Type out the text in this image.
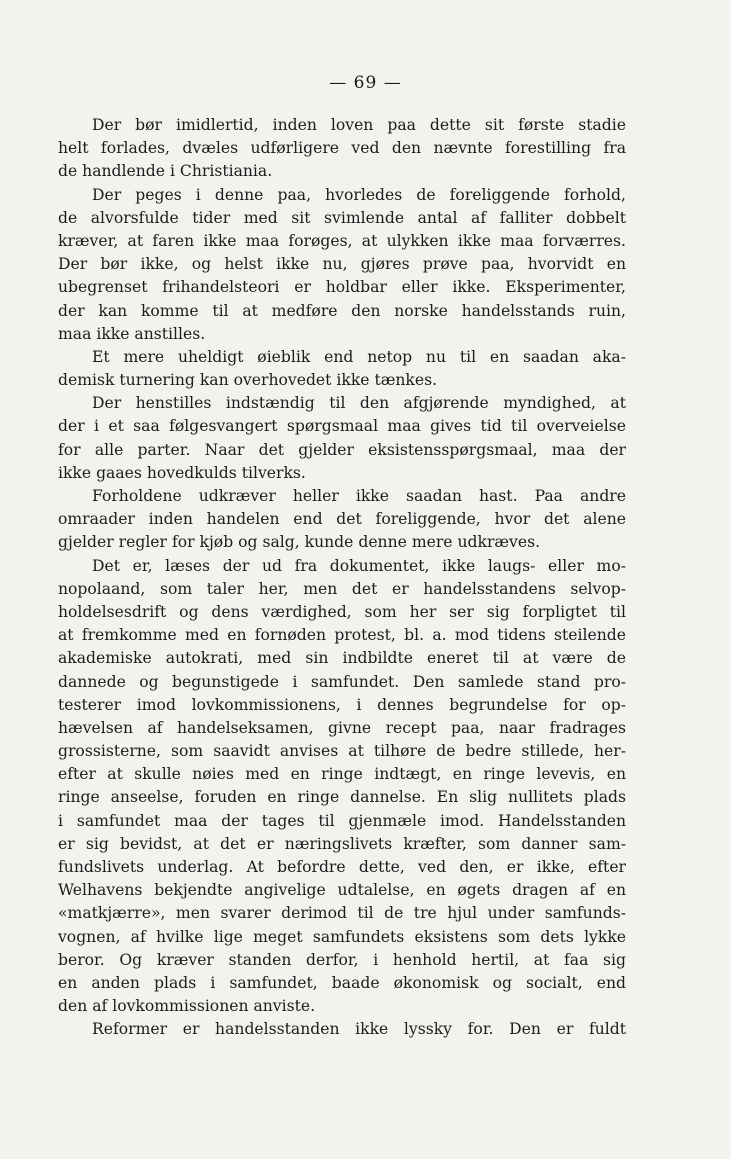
— 69 —
Der bør imidlertid, inden loven paa dette sit første stadie
helt forlades, dvæles udførligere ved den nævnte forestilling fra
de handlende i Christiania.
Der peges i denne paa, hvorledes de foreliggende forhold,
de alvorsfulde tider med sit svimlende antal af falliter dobbelt
kræver, at faren ikke maa forøges, at ulykken ikke maa forværres.
Der bør ikke, og helst ikke nu, gjøres prøve paa, hvorvidt en
ubegrenset frihandelsteori er holdbar eller ikke. Eksperimenter,
der kan komme til at medføre den norske handelsstands ruin,
maa ikke anstilles.
Et mere uheldigt øieblik end netop nu til en saadan aka-
demisk turnering kan overhovedet ikke tænkes.
Der henstilles indstændig til den afgjørende myndighed, at
der i et saa følgesvangert spørgsmaal maa gives tid til overveielse
for alle parter. Naar det gjelder eksistensspørgsmaal, maa der
ikke gaaes hovedkulds tilverks.
Forholdene udkræver heller ikke saadan hast. Paa andre
omraader inden handelen end det foreliggende, hvor det alene
gjelder regler for kjøb og salg, kunde denne mere udkræves.
Det er, læses der ud fra dokumentet, ikke laugs- eller mo-
nopolaand, som taler her, men det er handelsstandens selvop-
holdelsesdrift og dens værdighed, som her ser sig forpligtet til
at fremkomme med en fornøden protest, bl. a. mod tidens steilende
akademiske autokrati, med sin indbildte eneret til at være de
dannede og begunstigede i samfundet. Den samlede stand pro-
testerer imod lovkommissionens, i dennes begrundelse for op-
hævelsen af handelseksamen, givne recept paa, naar fradrages
grossisterne, som saavidt anvises at tilhøre de bedre stillede, her-
efter at skulle nøies med en ringe indtægt, en ringe levevis, en
ringe anseelse, foruden en ringe dannelse. En slig nullitets plads
i samfundet maa der tages til gjenmæle imod. Handelsstanden
er sig bevidst, at det er næringslivets kræfter, som danner sam-
fundslivets underlag. At befordre dette, ved den, er ikke, efter
Welhavens bekjendte angivelige udtalelse, en øgets dragen af en
«matkjærre», men svarer derimod til de tre hjul under samfunds-
vognen, af hvilke lige meget samfundets eksistens som dets lykke
beror. Og kræver standen derfor, i henhold hertil, at faa sig
en anden plads i samfundet, baade økonomisk og socialt, end
den af lovkommissionen anviste.
Reformer er handelsstanden ikke lyssky for. Den er fuldt
